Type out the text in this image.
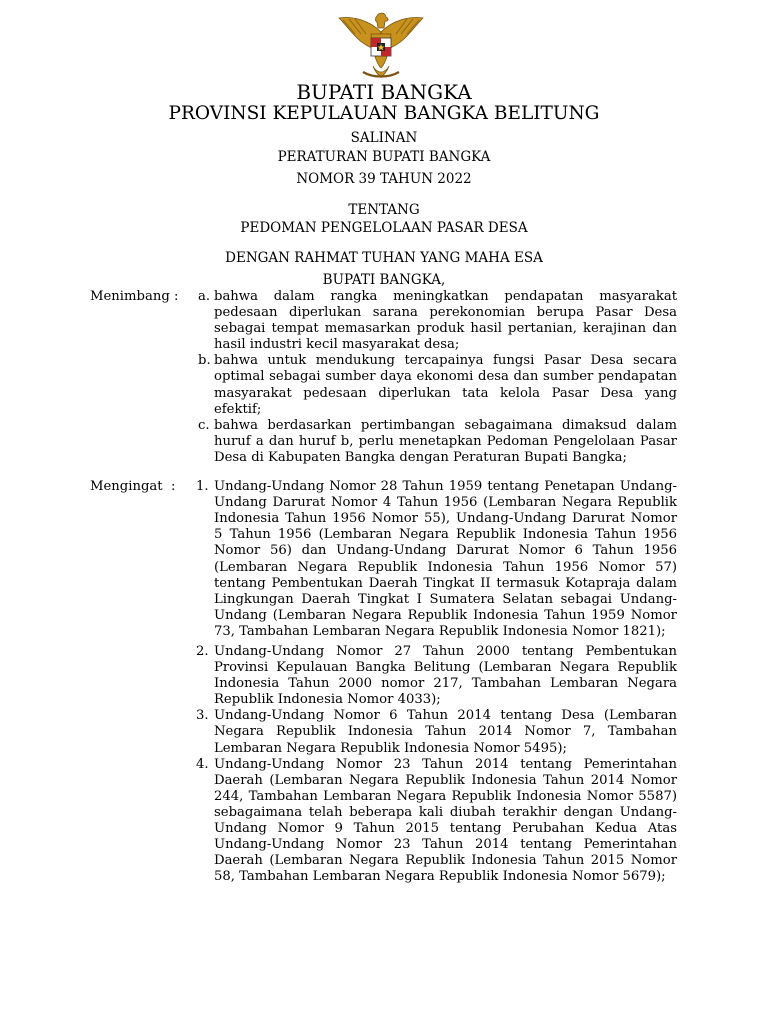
BUPATI BANGKA
PROVINSI KEPULAUAN BANGKA BELITUNG
SALINAN
PERATURAN BUPATI BANGKA
NOMOR 39 TAHUN 2022
TENTANG
PEDOMAN PENGELOLAAN PASAR DESA
DENGAN RAHMAT TUHAN YANG MAHA ESA
BUPATI BANGKA,
Menimbang : a. bahwa dalam rangka meningkatkan pendapatan masyarakat pedesaan diperlukan sarana perekonomian berupa Pasar Desa sebagai tempat memasarkan produk hasil pertanian, kerajinan dan hasil industri kecil masyarakat desa;
b. bahwa untuk mendukung tercapainya fungsi Pasar Desa secara optimal sebagai sumber daya ekonomi desa dan sumber pendapatan masyarakat pedesaan diperlukan tata kelola Pasar Desa yang efektif;
c. bahwa berdasarkan pertimbangan sebagaimana dimaksud dalam huruf a dan huruf b, perlu menetapkan Pedoman Pengelolaan Pasar Desa di Kabupaten Bangka dengan Peraturan Bupati Bangka;
Mengingat  : 1. Undang-Undang Nomor 28 Tahun 1959 tentang Penetapan Undang-Undang Darurat Nomor 4 Tahun 1956 (Lembaran Negara Republik Indonesia Tahun 1956 Nomor 55), Undang-Undang Darurat Nomor 5 Tahun 1956 (Lembaran Negara Republik Indonesia Tahun 1956 Nomor 56) dan Undang-Undang Darurat Nomor 6 Tahun 1956 (Lembaran Negara Republik Indonesia Tahun 1956 Nomor 57) tentang Pembentukan Daerah Tingkat II termasuk Kotapraja dalam Lingkungan Daerah Tingkat I Sumatera Selatan sebagai Undang-Undang (Lembaran Negara Republik Indonesia Tahun 1959 Nomor 73, Tambahan Lembaran Negara Republik Indonesia Nomor 1821);
2. Undang-Undang Nomor 27 Tahun 2000 tentang Pembentukan Provinsi Kepulauan Bangka Belitung (Lembaran Negara Republik Indonesia Tahun 2000 nomor 217, Tambahan Lembaran Negara Republik Indonesia Nomor 4033);
3. Undang-Undang Nomor 6 Tahun 2014 tentang Desa (Lembaran Negara Republik Indonesia Tahun 2014 Nomor 7, Tambahan Lembaran Negara Republik Indonesia Nomor 5495);
4. Undang-Undang Nomor 23 Tahun 2014 tentang Pemerintahan Daerah (Lembaran Negara Republik Indonesia Tahun 2014 Nomor 244, Tambahan Lembaran Negara Republik Indonesia Nomor 5587) sebagaimana telah beberapa kali diubah terakhir dengan Undang-Undang Nomor 9 Tahun 2015 tentang Perubahan Kedua Atas Undang-Undang Nomor 23 Tahun 2014 tentang Pemerintahan Daerah (Lembaran Negara Republik Indonesia Tahun 2015 Nomor 58, Tambahan Lembaran Negara Republik Indonesia Nomor 5679);
